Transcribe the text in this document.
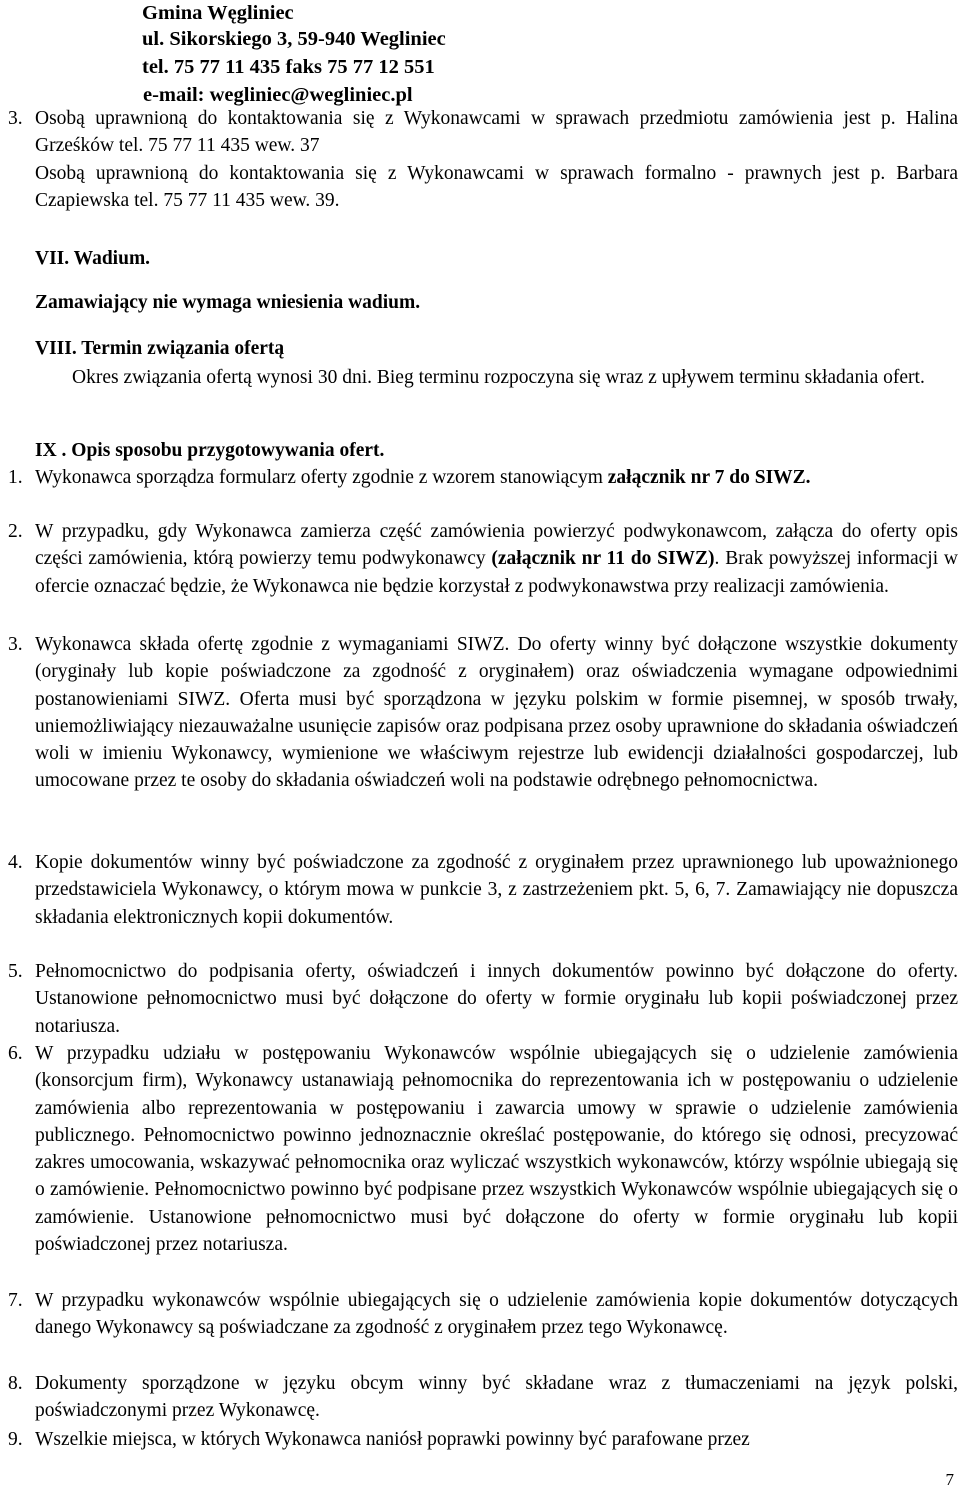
Gmina Węgliniec
ul. Sikorskiego 3, 59-940 Wegliniec
tel. 75 77 11 435 faks 75 77 12 551
e-mail: wegliniec@wegliniec.pl
3. Osobą uprawnioną do kontaktowania się z Wykonawcami w sprawach przedmiotu zamówienia jest p. Halina Grześków tel. 75 77 11 435 wew. 37
Osobą uprawnioną do kontaktowania się z Wykonawcami w sprawach formalno - prawnych jest p. Barbara Czapiewska tel. 75 77 11 435 wew. 39.
VII. Wadium.
Zamawiający nie wymaga wniesienia wadium.
VIII. Termin związania ofertą
Okres związania ofertą wynosi 30 dni. Bieg terminu rozpoczyna się wraz z upływem terminu składania ofert.
IX . Opis sposobu przygotowywania ofert.
1. Wykonawca sporządza formularz oferty zgodnie z wzorem stanowiącym załącznik nr 7 do SIWZ.
2. W przypadku, gdy Wykonawca zamierza część zamówienia powierzyć podwykonawcom, załącza do oferty opis części zamówienia, którą powierzy temu podwykonawcy (załącznik nr 11 do SIWZ). Brak powyższej informacji w ofercie oznaczać będzie, że Wykonawca nie będzie korzystał z podwykonawstwa przy realizacji zamówienia.
3. Wykonawca składa ofertę zgodnie z wymaganiami SIWZ. Do oferty winny być dołączone wszystkie dokumenty (oryginały lub kopie poświadczone za zgodność z oryginałem) oraz oświadczenia wymagane odpowiednimi postanowieniami SIWZ. Oferta musi być sporządzona w języku polskim w formie pisemnej, w sposób trwały, uniemożliwiający niezauważalne usunięcie zapisów oraz podpisana przez osoby uprawnione do składania oświadczeń woli w imieniu Wykonawcy, wymienione we właściwym rejestrze lub ewidencji działalności gospodarczej, lub umocowane przez te osoby do składania oświadczeń woli na podstawie odrębnego pełnomocnictwa.
4. Kopie dokumentów winny być poświadczone za zgodność z oryginałem przez uprawnionego lub upoważnionego przedstawiciela Wykonawcy, o którym mowa w punkcie 3, z zastrzeżeniem pkt. 5, 6, 7. Zamawiający nie dopuszcza składania elektronicznych kopii dokumentów.
5. Pełnomocnictwo do podpisania oferty, oświadczeń i innych dokumentów powinno być dołączone do oferty. Ustanowione pełnomocnictwo musi być dołączone do oferty w formie oryginału lub kopii poświadczonej przez notariusza.
6. W przypadku udziału w postępowaniu Wykonawców wspólnie ubiegających się o udzielenie zamówienia (konsorcjum firm), Wykonawcy ustanawiają pełnomocnika do reprezentowania ich w postępowaniu o udzielenie zamówienia albo reprezentowania w postępowaniu i zawarcia umowy w sprawie o udzielenie zamówienia publicznego. Pełnomocnictwo powinno jednoznacznie określać postępowanie, do którego się odnosi, precyzować zakres umocowania, wskazywać pełnomocnika oraz wyliczać wszystkich wykonawców, którzy wspólnie ubiegają się o zamówienie. Pełnomocnictwo powinno być podpisane przez wszystkich Wykonawców wspólnie ubiegających się o zamówienie. Ustanowione pełnomocnictwo musi być dołączone do oferty w formie oryginału lub kopii poświadczonej przez notariusza.
7. W przypadku wykonawców wspólnie ubiegających się o udzielenie zamówienia kopie dokumentów dotyczących danego Wykonawcy są poświadczane za zgodność z oryginałem przez tego Wykonawcę.
8. Dokumenty sporządzone w języku obcym winny być składane wraz z tłumaczeniami na język polski, poświadczonymi przez Wykonawcę.
9. Wszelkie miejsca, w których Wykonawca naniósł poprawki powinny być parafowane przez
7
